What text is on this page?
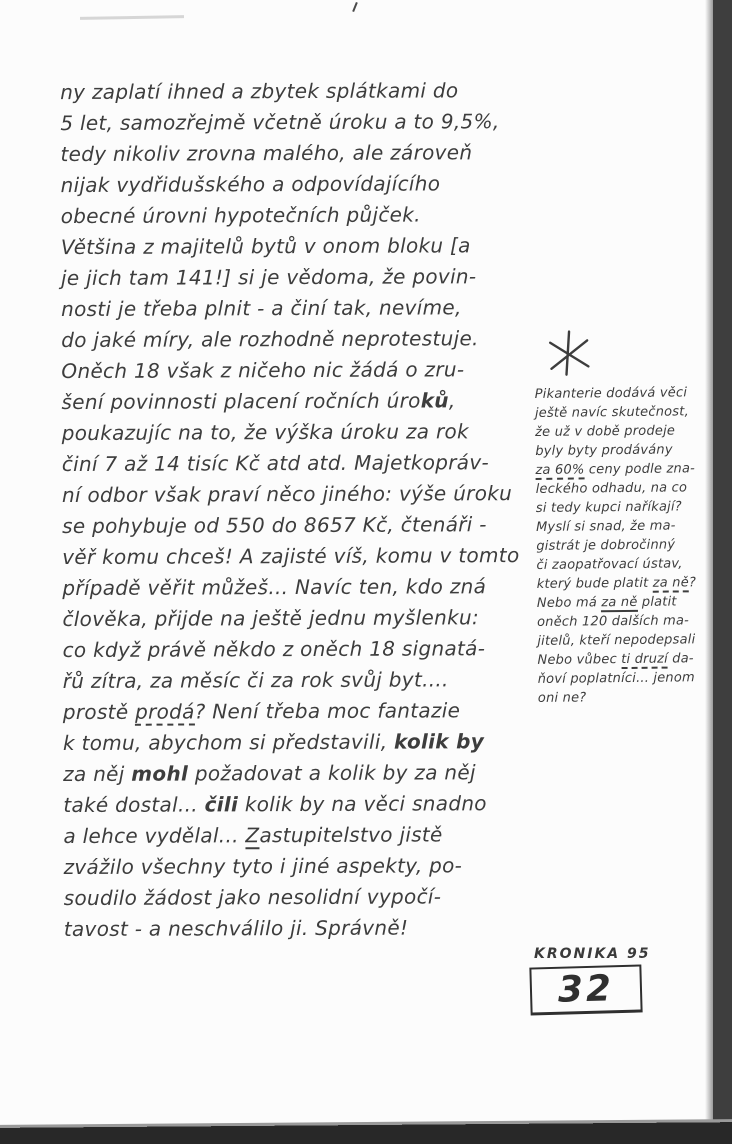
ny zaplatí ihned a zbytek splátkami do
5 let, samozřejmě včetně úroku a to 9,5%,
tedy nikoliv zrovna malého, ale zároveň
nijak vydřidušského a odpovídajícího
obecné úrovni hypotečních půjček.
Většina z majitelů bytů v onom bloku [a
je jich tam 141!] si je vědoma, že povin-
nosti je třeba plnit - a činí tak, nevíme,
do jaké míry, ale rozhodně neprotestuje.
Oněch 18 však z ničeho nic žádá o zru-
šení povinnosti placení ročních úroků,
poukazujíc na to, že výška úroku za rok
činí 7 až 14 tisíc Kč atd atd. Majetkopráv-
ní odbor však praví něco jiného: výše úroku
se pohybuje od 550 do 8657 Kč, čtenáři -
věř komu chceš! A zajisté víš, komu v tomto
případě věřit můžeš... Navíc ten, kdo zná
člověka, přijde na ještě jednu myšlenku:
co když právě někdo z oněch 18 signatá-
řů zítra, za měsíc či za rok svůj byt....
prostě prodá? Není třeba moc fantazie
k tomu, abychom si představili, kolik by
za něj mohl požadovat a kolik by za něj
také dostal... čili kolik by na věci snadno
a lehce vydělal... Zastupitelstvo jistě
zvážilo všechny tyto i jiné aspekty, po-
soudilo žádost jako nesolidní vypočí-
tavost - a neschválilo ji. Správně!
Pikanterie dodává věci
ještě navíc skutečnost,
že už v době prodeje
byly byty prodávány
za 60% ceny podle zna-
leckého odhadu, na co
si tedy kupci naříkají?
Myslí si snad, že ma-
gistrát je dobročinný
či zaopatřovací ústav,
který bude platit za ně?
Nebo má za ně platit
oněch 120 dalších ma-
jitelů, kteří nepodepsali
Nebo vůbec ti druzí da-
ňoví poplatníci... jenom
oni ne?
KRONIKA 95
32
